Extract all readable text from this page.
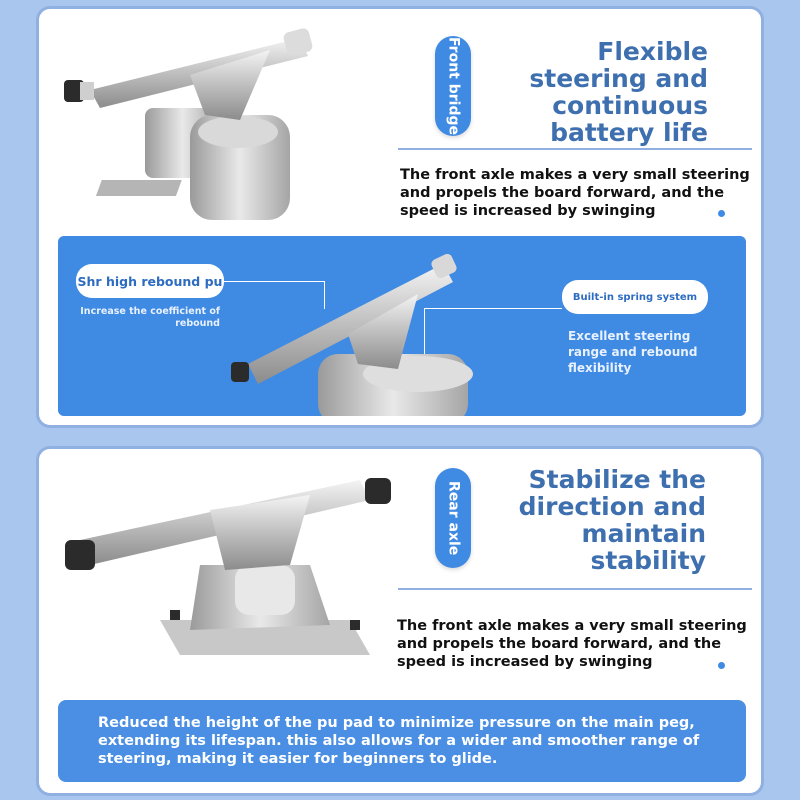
Front bridge	Flexible
steering and
continuous
battery life
The front axle makes a very small steering and propels the board forward, and the speed is increased by swinging
Shr high rebound pu
Increase the coefficient of rebound
Built-in spring system
Excellent steering range and rebound flexibility
Rear axle
Stabilize the
direction and
maintain
stability
The front axle makes a very small steering and propels the board forward, and the speed is increased by swinging
Reduced the height of the pu pad to minimize pressure on the main peg, extending its lifespan. this also allows for a wider and smoother range of steering, making it easier for beginners to glide.
